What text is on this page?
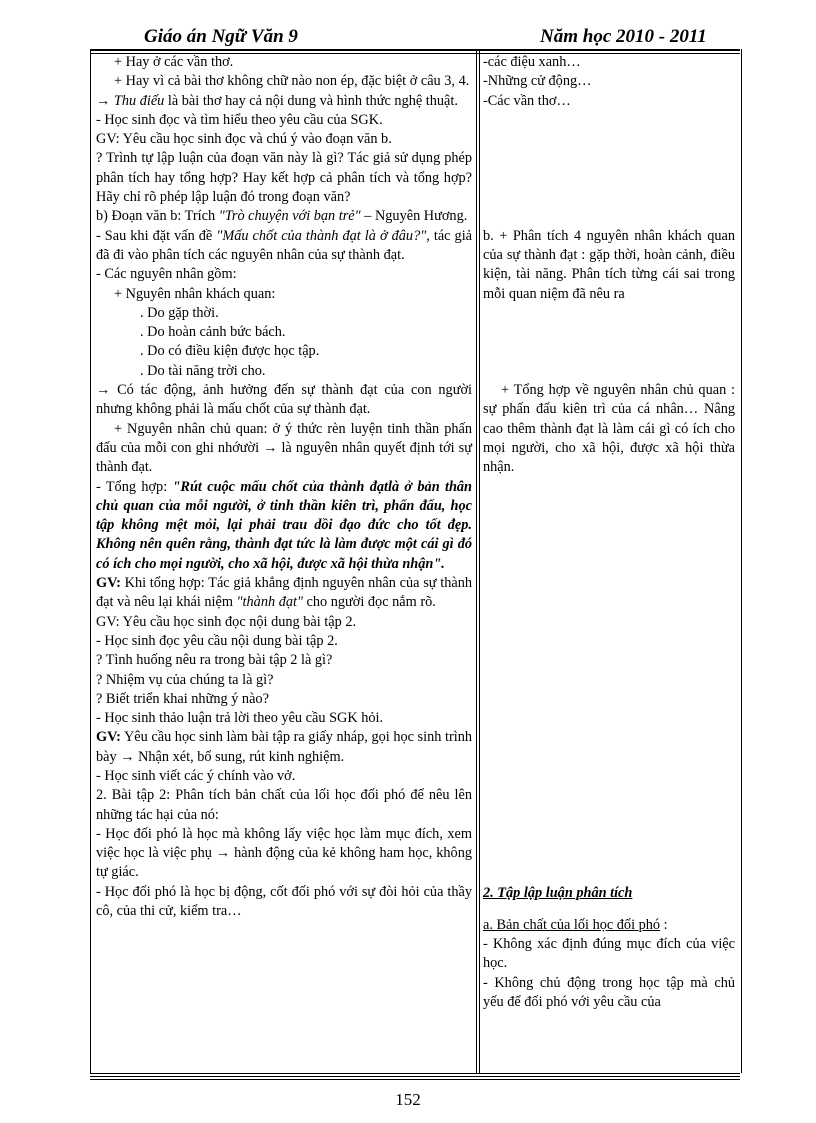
Giáo án Ngữ Văn 9	Năm học 2010 - 2011

+ Hay ở các vần thơ.

+ Hay vì cả bài thơ không chữ nào non ép, đặc biệt ở câu 3, 4.

→ Thu điếu là bài thơ hay cả nội dung và hình thức nghệ thuật.

- Học sinh đọc và tìm hiểu theo yêu cầu của SGK.

GV: Yêu cầu học sinh đọc và chú ý vào đoạn văn b.

? Trình tự lập luận của đoạn văn này là gì? Tác giả sử dụng phép phân tích hay tổng hợp? Hay kết hợp cả phân tích và tổng hợp? Hãy chỉ rõ phép lập luận đó trong đoạn văn?

b) Đoạn văn b: Trích "Trò chuyện với bạn trẻ" – Nguyên Hương.

- Sau khi đặt vấn đề "Mấu chốt của thành đạt là ở đâu?", tác giả đã đi vào phân tích các nguyên nhân của sự thành đạt.

- Các nguyên nhân gồm:

+ Nguyên nhân khách quan:

. Do gặp thời.

. Do hoàn cảnh bức bách.

. Do có điều kiện được học tập.

. Do tài năng trời cho.

→ Có tác động, ảnh hưởng đến sự thành đạt của con người nhưng không phải là mấu chốt của sự thành đạt.

+ Nguyên nhân chủ quan: ở ý thức rèn luyện tinh thần phấn đấu của mỗi con ghi nhớười → là nguyên nhân quyết định tới sự thành đạt.

- Tổng hợp: "Rút cuộc mấu chốt của thành đạtlà ở bản thân chủ quan của mỗi người, ở tinh thần kiên trì, phấn đấu, học tập không mệt mỏi, lại phải trau dồi đạo đức cho tốt đẹp. Không nên quên rằng, thành đạt tức là làm được một cái gì đó có ích cho mọi người, cho xã hội, được xã hội thừa nhận".

GV: Khi tổng hợp: Tác giả khẳng định nguyên nhân của sự thành đạt và nêu lại khái niệm "thành đạt" cho người đọc nắm rõ.

GV: Yêu cầu học sinh đọc nội dung bài tập 2.

- Học sinh đọc yêu cầu nội dung bài tập 2.

? Tình huống nêu ra trong bài tập 2 là gì?

? Nhiệm vụ của chúng ta là gì?

? Biết triển khai những ý nào?

- Học sinh thảo luận trả lời theo yêu cầu SGK hỏi.

GV: Yêu cầu học sinh làm bài tập ra giấy nháp, gọi học sinh trình bày → Nhận xét, bổ sung, rút kinh nghiệm.

- Học sinh viết các ý chính vào vở.

2. Bài tập 2: Phân tích bản chất của lối học đối phó để nêu lên những tác hại của nó:

- Học đối phó là học mà không lấy việc học làm mục đích, xem việc học là việc phụ → hành động của kẻ không ham học, không tự giác.

- Học đối phó là học bị động, cốt đối phó với sự đòi hỏi của thầy cô, của thi cử, kiểm tra…

-các điệu xanh…

-Những cử động…

-Các vần thơ…

b. + Phân tích 4 nguyên nhân khách quan của sự thành đạt : gặp thời, hoàn cảnh, điều kiện, tài năng. Phân tích từng cái sai trong mỗi quan niệm đã nêu ra

+ Tổng hợp về nguyên nhân chủ quan : sự phấn đấu kiên trì của cá nhân… Nâng cao thêm thành đạt là làm cái gì có ích cho mọi người, cho xã hội, được xã hội thừa nhận.

2. Tập lập luận phân tích

a. Bản chất của lối học đối phó :

- Không xác định đúng mục đích của việc học.

- Không chủ động trong học tập mà chủ yếu để đối phó với yêu cầu của

152
